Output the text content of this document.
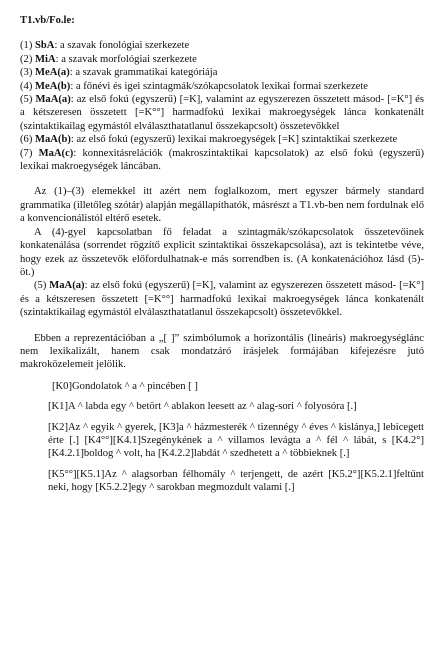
T1.vb/Fo.le:

(1) SbA: a szavak fonológiai szerkezete

(2) MiA: a szavak morfológiai szerkezete

(3) MeA(a): a szavak grammatikai kategóriája

(4) MeA(b): a főnévi és igei szintagmák/szókapcsolatok lexikai formai szerkezete

(5) MaA(a): az első fokú (egyszerű) [=K], valamint az egyszerezen összetett másod- [=K°] és a kétszeresen összetett [=K°°] harmadfokú lexikai makroegységek lánca konkatenált (szintaktikailag egymástól elválaszthatatlanul összekapcsolt) összetevőkkel

(6) MaA(b): az első fokú (egyszerű) lexikai makroegységek [=K] szintaktikai szerkezete

(7) MaA(c): konnexitásrelációk (makroszintaktikai kapcsolatok) az első fokú (egyszerű) lexikai makroegységek láncában.

Az (1)–(3) elemekkel itt azért nem foglalkozom, mert egyszer bármely standard grammatika (illetőleg szótár) alapján megállapíthatók, másrészt a T1.vb-ben nem fordulnak elő a konvencionálistól eltérő esetek.

A (4)-gyel kapcsolatban fő feladat a szintagmák/szókapcsolatok összetevőinek konkatenálása (sorrendet rögzítő explicit szintaktikai összekapcsolása), azt is tekintetbe véve, hogy ezek az összetevők előfordulhatnak-e más sorrendben is. (A konkatenációhoz lásd (5)-öt.)

(5) MaA(a): az első fokú (egyszerű) [=K], valamint az egyszerezen összetett másod- [=K°] és a kétszeresen összetett [=K°°] harmadfokú lexikai makroegységek lánca konkatenált (szintaktikailag egymástól elválaszthatatlanul összekapcsolt) összetevőkkel.

Ebben a reprezentációban a „[ ]” szimbólumok a horizontális (lineáris) makroegységlánc nem lexikalizált, hanem csak mondatzáró írásjelek formájában kifejezésre jutó makroközelemeit jelölik.

[K0]Gondolatok ^ a ^ pincében [ ]

[K1]A ^ labda egy ^ betört ^ ablakon leesett az ^ alag-sori ^ folyosóra [.]

[K2]Az ^ egyik ^ gyerek, [K3]a ^ házmesterék ^ tizennégy ^ éves ^ kislánya,] lebicegett érte [.] [K4°°][K4.1]Szegénykének a ^ villamos levágta a ^ fél ^ lábát, s [K4.2°][K4.2.1]boldog ^ volt, ha [K4.2.2]labdát ^ szedhetett a ^ többieknek [.]

[K5°°][K5.1]Az ^ alagsorban félhomály ^ terjengett, de azért [K5.2°][K5.2.1]feltűnt neki, hogy [K5.2.2]egy ^ sarokban megmozdult valami [.]
